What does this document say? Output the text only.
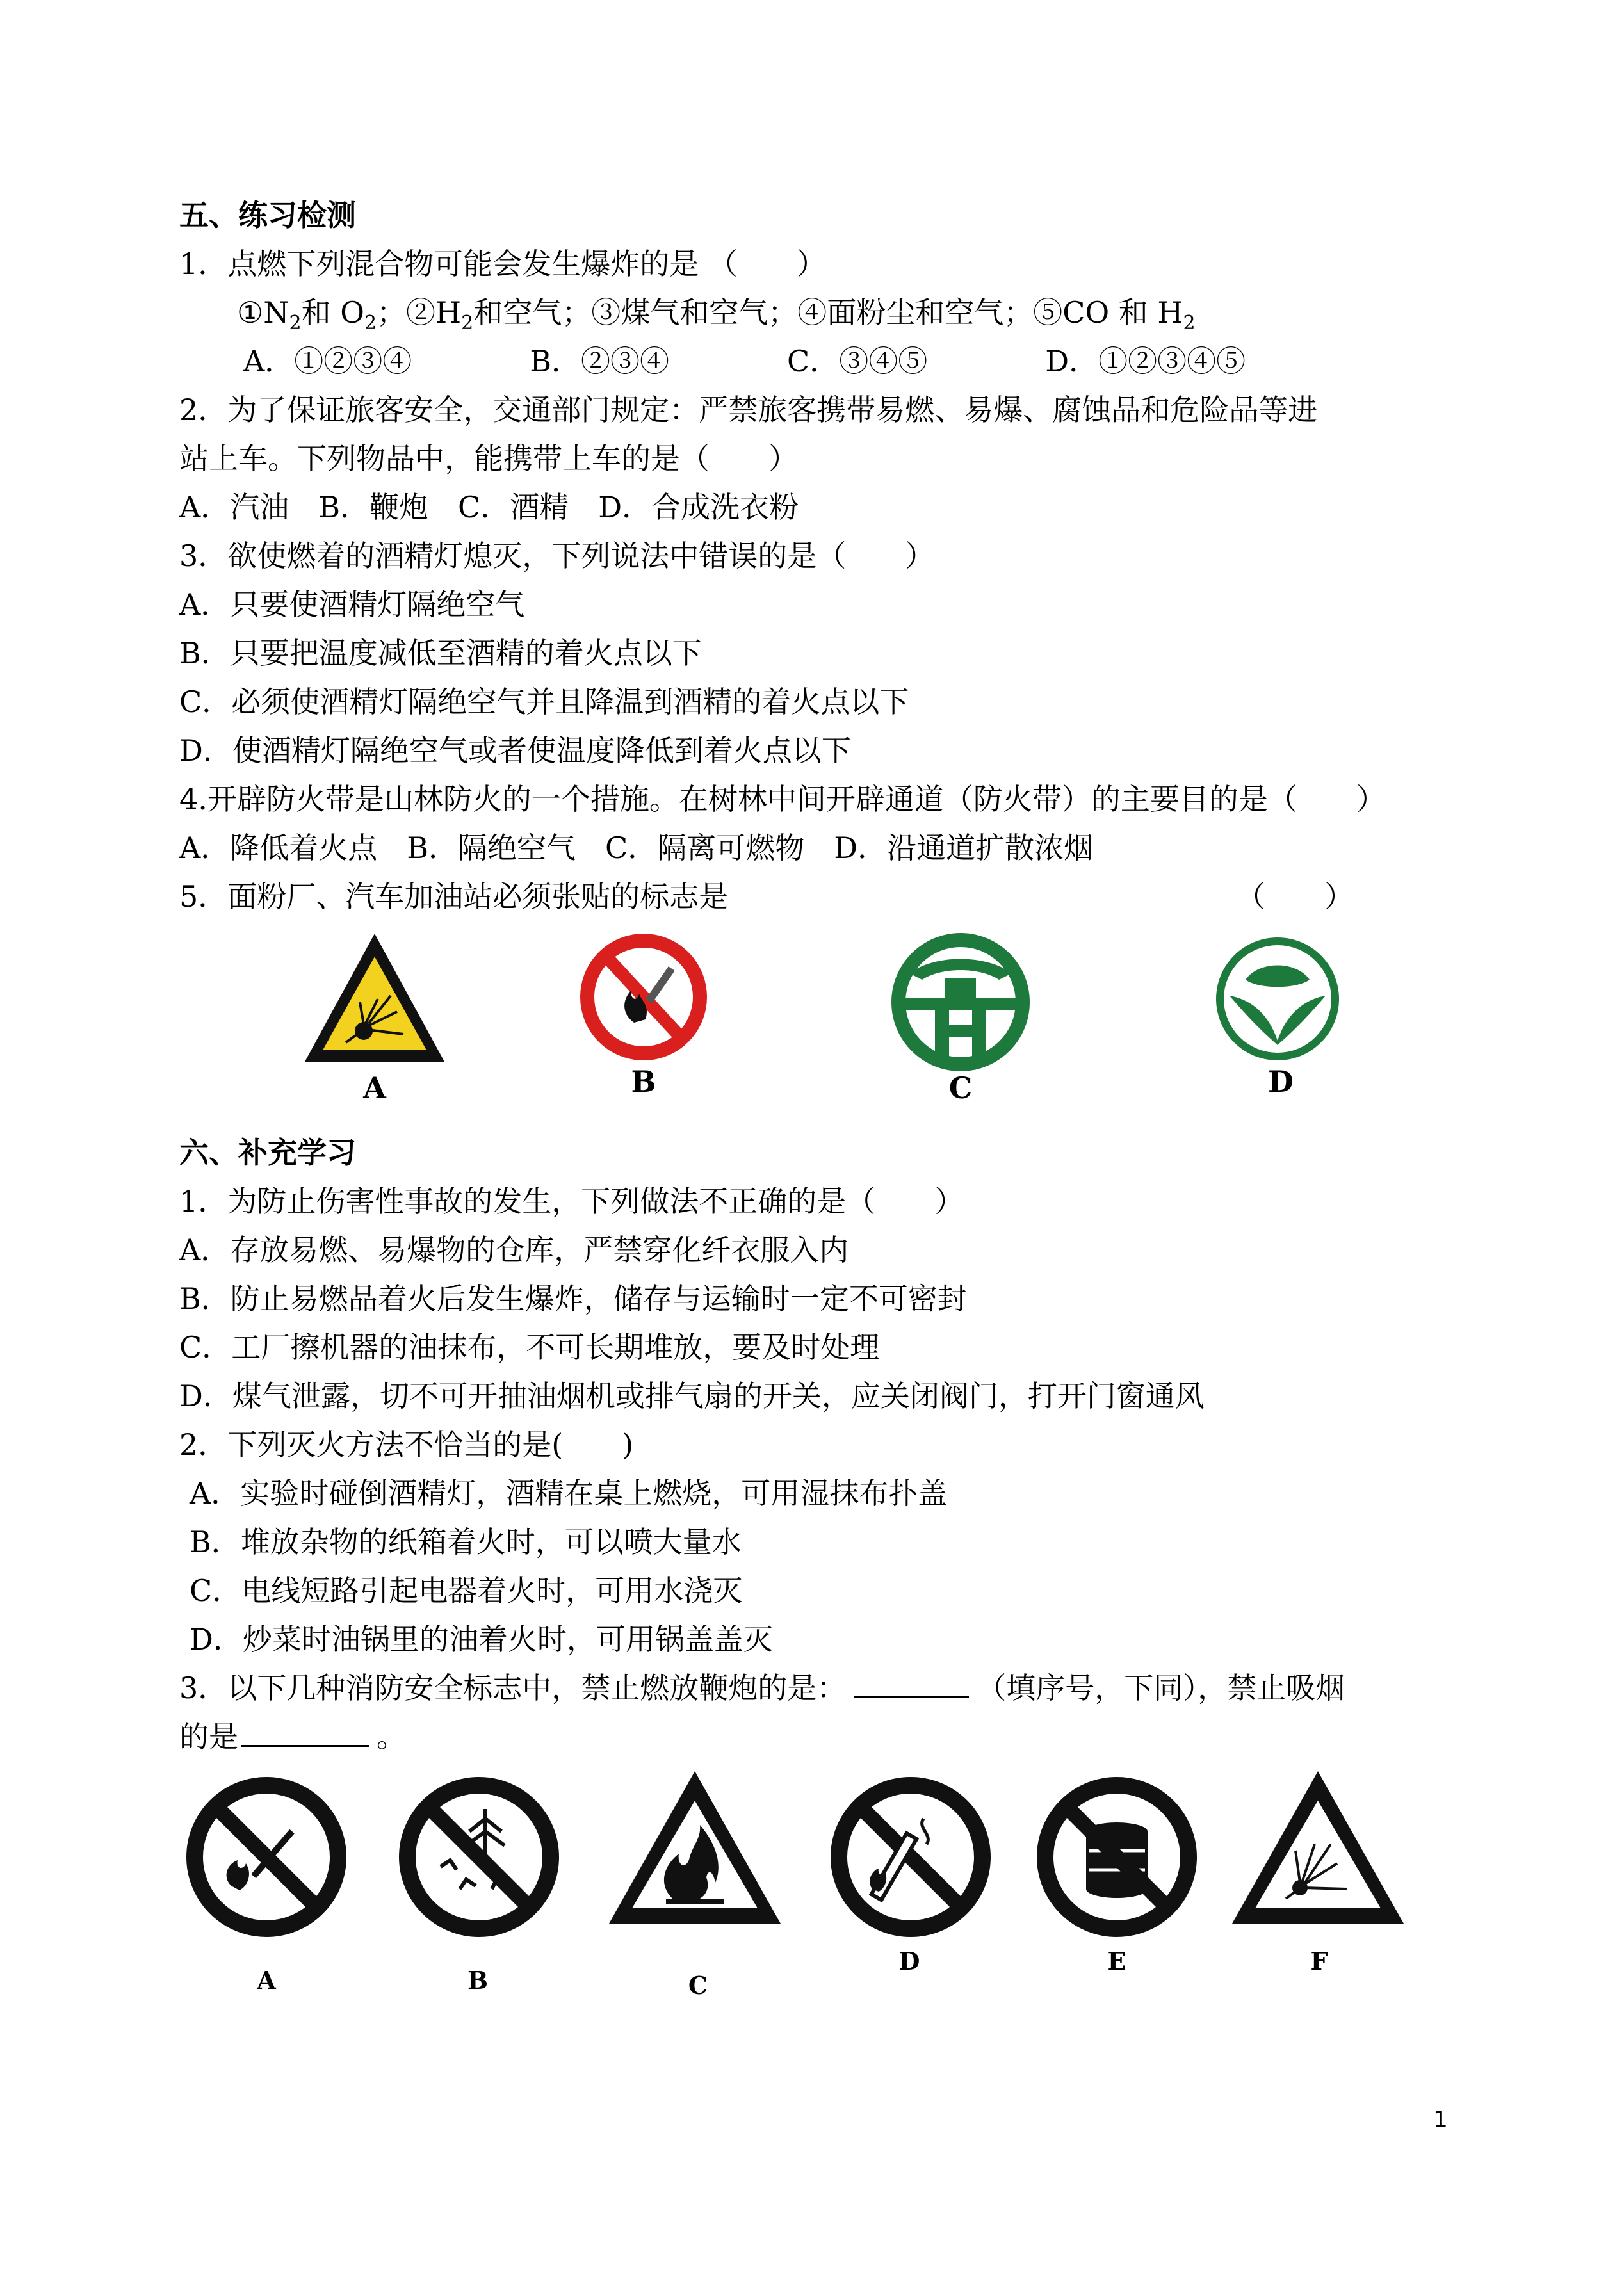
五、练习检测
1．点燃下列混合物可能会发生爆炸的是 （　　）
$①N_2$和 $O_2$；$②H_2$和空气；③煤气和空气；④面粉尘和空气；⑤CO 和 $H_2$
A．①②③④　　　　B．②③④　　　　C．③④⑤　　　　D．①②③④⑤
2．为了保证旅客安全，交通部门规定：严禁旅客携带易燃、易爆、腐蚀品和危险品等进
站上车。下列物品中，能携带上车的是（　　）
A．汽油　B．鞭炮　C．酒精　D．合成洗衣粉
3．欲使燃着的酒精灯熄灭，下列说法中错误的是（　　）
A．只要使酒精灯隔绝空气
B．只要把温度减低至酒精的着火点以下
C．必须使酒精灯隔绝空气并且降温到酒精的着火点以下
D．使酒精灯隔绝空气或者使温度降低到着火点以下
4.开辟防火带是山林防火的一个措施。在树林中间开辟通道（防火带）的主要目的是（　　）
A．降低着火点　B．隔绝空气　C．隔离可燃物　D．沿通道扩散浓烟
5．面粉厂、汽车加油站必须张贴的标志是	（　　）
A	B	C	D
六、补充学习
1．为防止伤害性事故的发生，下列做法不正确的是（　　）
A．存放易燃、易爆物的仓库，严禁穿化纤衣服入内
B．防止易燃品着火后发生爆炸，储存与运输时一定不可密封
C．工厂擦机器的油抹布，不可长期堆放，要及时处理
D．煤气泄露，切不可开抽油烟机或排气扇的开关，应关闭阀门，打开门窗通风
2．下列灭火方法不恰当的是(　　)
A．实验时碰倒酒精灯，酒精在桌上燃烧，可用湿抹布扑盖
B．堆放杂物的纸箱着火时，可以喷大量水
C．电线短路引起电器着火时，可用水浇灭
D．炒菜时油锅里的油着火时，可用锅盖盖灭
3．以下几种消防安全标志中，禁止燃放鞭炮的是：	（填序号，下同），禁止吸烟
的是	。
A	B	C
D	E	F
1
